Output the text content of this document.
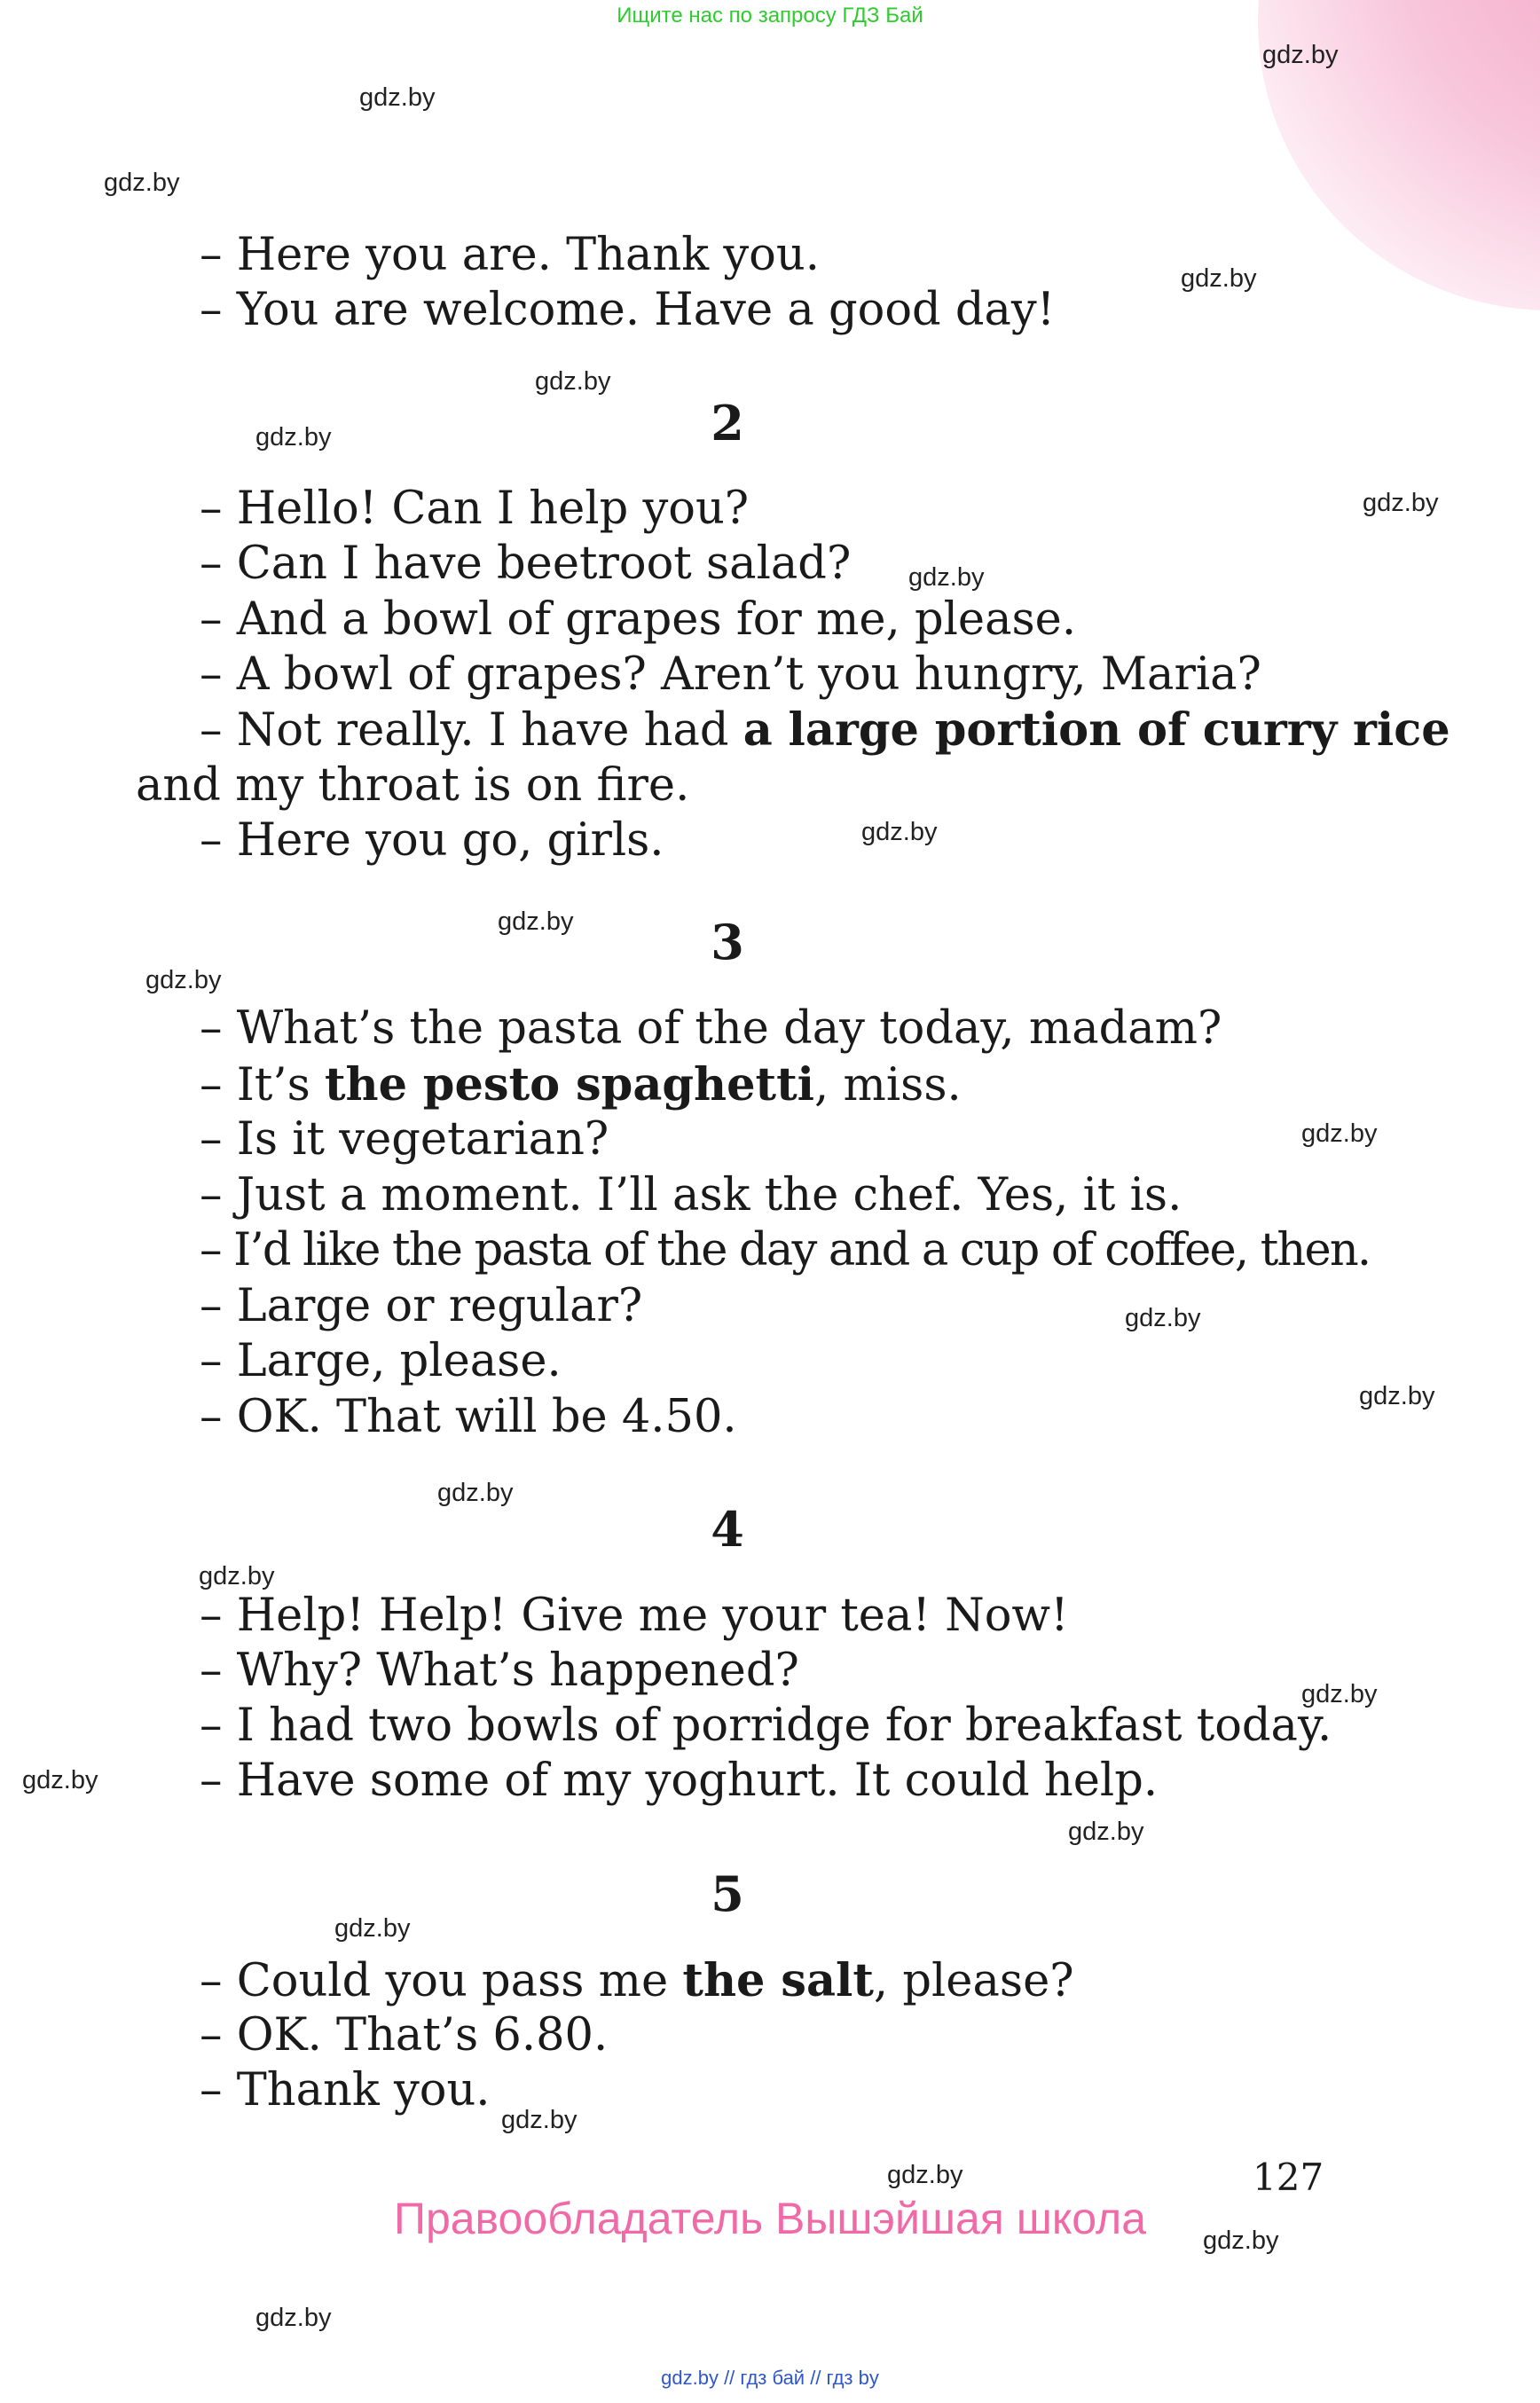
Ищите нас по запросу ГДЗ Бай
gdz.by
gdz.by
gdz.by
gdz.by
gdz.by
gdz.by
gdz.by
gdz.by
gdz.by
gdz.by
gdz.by
gdz.by
gdz.by
gdz.by
gdz.by
gdz.by
gdz.by
gdz.by
gdz.by
gdz.by
gdz.by
gdz.by
gdz.by
gdz.by
– Here you are. Thank you.
– You are welcome. Have a good day!
2
– Hello! Can I help you?
– Can I have beetroot salad?
– And a bowl of grapes for me, please.
– A bowl of grapes? Aren’t you hungry, Maria?
– Not really. I have had a large portion of curry rice
and my throat is on fire.
– Here you go, girls.
3
– What’s the pasta of the day today, madam?
– It’s the pesto spaghetti, miss.
– Is it vegetarian?
– Just a moment. I’ll ask the chef. Yes, it is.
– I’d like the pasta of the day and a cup of coffee, then.
– Large or regular?
– Large, please.
– OK. That will be 4.50.
4
– Help! Help! Give me your tea! Now!
– Why? What’s happened?
– I had two bowls of porridge for breakfast today.
– Have some of my yoghurt. It could help.
5
– Could you pass me the salt, please?
– OK. That’s 6.80.
– Thank you.
127
Правообладатель Вышэйшая школа
gdz.by // гдз бай // гдз by
